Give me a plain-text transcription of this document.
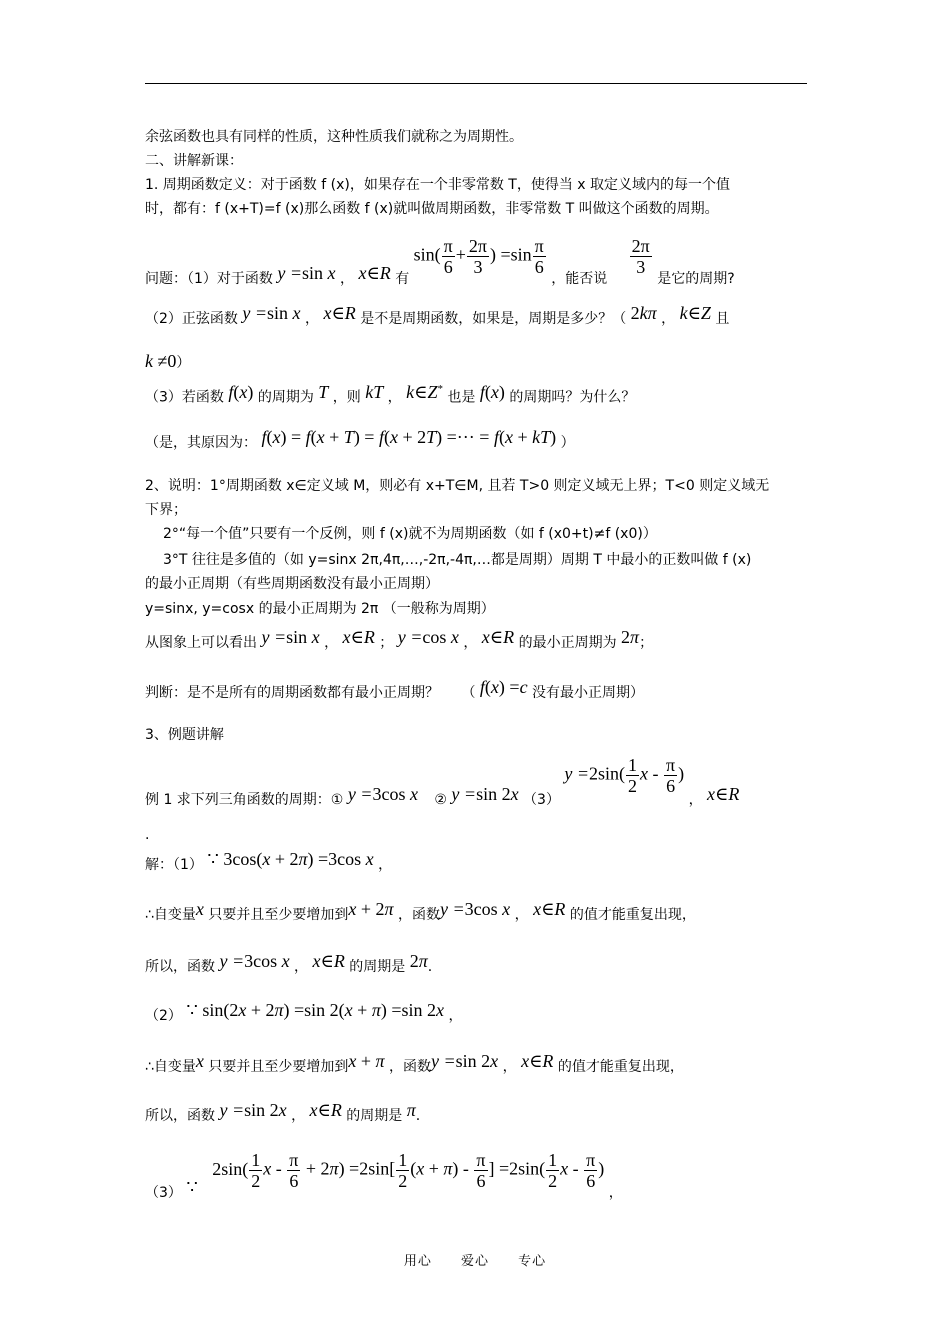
余弦函数也具有同样的性质，这种性质我们就称之为周期性。
二、讲解新课：
1. 周期函数定义：对于函数 f (x)，如果存在一个非零常数 T，使得当 x 取定义域内的每一个值
时，都有：f (x+T)=f (x)那么函数 f (x)就叫做周期函数，非零常数 T 叫做这个函数的周期。
问题：（1）对于函数 y =sin x ， x∈R 有 $\sin( \frac{\pi}{6} + \frac{2\pi}{3}$ ) $=\sin \frac{\pi}{6}$
，能否说
$\frac{2\pi}{3}$
是它的周期?
（2）正弦函数 y =sin x ， x∈R 是不是周期函数，如果是，周期是多少？（ 2kπ ， k∈Z 且
k ≠0）
（3）若函数 f(x) 的周期为 T ，则 kT ， k∈Z* 也是 f(x) 的周期吗？为什么？
（是，其原因为： f(x) = f(x + T) = f(x + 2T) =··· = f(x + kT) ）
2、说明：1°周期函数 x∈定义域 M，则必有 x+T∈M, 且若 T>0 则定义域无上界；T<0 则定义域无
下界；
2°“每一个值”只要有一个反例，则 f (x)就不为周期函数（如 f (x0+t)≠f (x0)）
3°T 往往是多值的（如 y=sinx 2π,4π,…,-2π,-4π,…都是周期）周期 T 中最小的正数叫做 f (x)
的最小正周期（有些周期函数没有最小正周期）
y=sinx, y=cosx 的最小正周期为 2π （一般称为周期）
从图象上可以看出 y =sin x ， x∈R ； y =cos x ， x∈R 的最小正周期为 2π；
判断：是不是所有的周期函数都有最小正周期？ （ f(x) =c 没有最小正周期）
3、例题讲解
例 1 求下列三角函数的周期：① y =3cos x ② y =sin 2x （3） $y =2\sin( \frac{1}{2}$ x - $\frac{\pi}{6}$ ) ， x∈R
.
解：（1） ∵ 3cos(x + 2π) =3cos x ，
∴自变量x 只要并且至少要增加到x + 2π ，函数y =3cos x ， x∈R 的值才能重复出现，
所以，函数 y =3cos x ， x∈R 的周期是 2π.
（2） ∵ sin(2x + 2π) =sin 2(x + π) =sin 2x ，
∴自变量x 只要并且至少要增加到x + π ，函数y =sin 2x ， x∈R 的值才能重复出现，
所以，函数 y =sin 2x ， x∈R 的周期是 π.
（3） ∵ $2\sin( \frac{1}{2}$ $x - \frac{\pi}{6} + 2\pi) =2\sin[ \frac{1}{2} (x + \pi) - \frac{\pi}{6}$ ] $=2\sin( \frac{1}{2}$ x - $\frac{\pi}{6}$ ) ，
用心 爱心 专心
